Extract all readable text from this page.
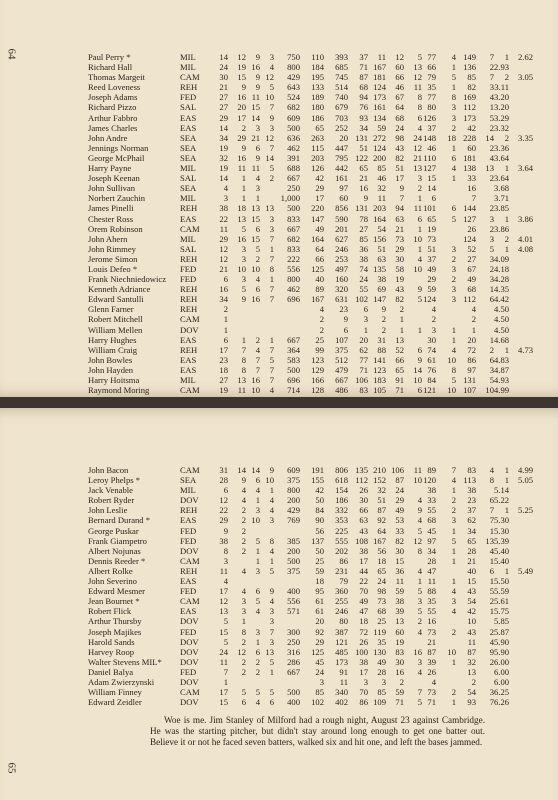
64	Paul Perry *	MIL	14	12	9	3	750	110	393	37	11	12	5	77	4	149	7	1	2.62
Richard Hall	MIL	24	19	16	4	800	184	685	71	167	60	13	66	1	136	2	2.93	
Thomas Margeit	CAM	30	15	9	12	429	195	745	87	181	66	12	79	5	85	7	2	3.05
Reed Loveness	REH	21	9	9	5	643	133	514	68	124	46	11	35	1	82	3	3.11	
Joseph Adams	FED	27	16	11	10	524	189	740	94	173	67	8	77	8	169	4	3.20	
Richard Pizzo	SAL	27	20	15	7	682	180	679	76	161	64	8	80	3	112	1	3.20	
Arthur Fabbro	EAS	29	17	14	9	609	186	703	93	134	68	6	126	3	173	5	3.29	
James Charles	EAS	14	2	3	3	500	65	252	34	59	24	4	37	2	42	2	3.32	
John Andre	SEA	34	29	21	12	636	263	20	131	272	98	24	148	18	228	14	2	3.35
Jennings Norman	SEA	19	9	6	7	462	115	447	51	124	43	12	46	1	60	2	3.36	
George McPhail	SEA	32	16	9	14	391	203	795	122	200	82	21	110	6	181	4	3.64	
Harry Payne	MIL	19	11	11	5	688	126	442	65	85	51	13	127	4	138	13	1	3.64
Joseph Keenan	SAL	14	1	4	2	667	42	161	21	46	17	3	15	1	33	2	3.64	
John Sullivan	SEA	4	1	3		250	29	97	16	32	9	2	14		16		3.68	
Norbert Zauchin	MIL	3	1	1		1,000	17	60	9	11	7	1	6		7		3.71	
James Pinelli	REH	38	18	13	13	500	220	856	131	203	94	11	101	6	144	2	3.85	
Chester Ross	EAS	22	13	15	3	833	147	590	78	164	63	6	65	5	127	3	1	3.86
Orem Robinson	CAM	11	5	6	3	667	49	201	27	54	21	1	19		26	2	3.86	
John Ahern	MIL	29	16	15	7	682	164	627	85	156	73	10	73		124	3	2	4.01
John Rimmey	SAL	12	3	5	1	833	64	246	36	51	29	1	51	3	52	5	1	4.08
Jerome Simon	REH	12	3	2	7	222	66	253	38	63	30	4	37	2	27	3	4.09	
Louis Defeo *	FED	21	10	10	8	556	125	497	74	135	58	10	49	3	67	2	4.18	
Frank Niechniedowicz	FED	6	3	4	1	800	40	160	24	38	19		29	2	49	3	4.28	
Kenneth Adriance	REH	16	5	6	7	462	89	320	55	69	43	9	59	3	68	1	4.35	
Edward Santulli	REH	34	9	16	7	696	167	631	102	147	82	5	124	3	112	6	4.42	
Glenn Farner	REH	2					4	23	6	9	2		4		4		4.50	
Robert Mitchell	CAM	1					2	9	3	2	1		2		2		4.50	
William Mellen	DOV	1					2	6	1	2	1	1	3	1	1		4.50	
Harry Hughes	EAS	6	1	2	1	667	25	107	20	31	13		30	1	20	1	4.68	
William Craig	REH	17	7	4	7	364	99	375	62	88	52	6	74	4	72	2	1	4.73
John Bowles	EAS	23	8	7	5	583	123	512	77	141	66	9	61	10	86	6	4.83	
John Hayden	EAS	18	8	7	7	500	129	479	71	123	65	14	76	8	97	3	4.87	
Harry Hoitsma	MIL	27	13	16	7	696	166	667	106	183	91	10	84	5	131	5	4.93	
Raymond Moring	CAM	19	11	10	4	714	128	486	83	105	71	6	121	10	107	10	4.99	
John Bacon	CAM	31	14	14	9	609	191	806	135	210	106	11	89	7	83	4	1	4.99
Leroy Phelps *	SEA	28	9	6	10	375	155	618	112	152	87	10	120	4	113	8	1	5.05
Jack Venable	MIL	6	4	4	1	800	42	154	26	32	24		38	1	38		5.14	
Robert Ryder	DOV	12	4	1	4	200	50	186	30	51	29	4	33	2	23	6	5.22	
John Leslie	REH	22	2	3	4	429	84	332	66	87	49	9	55	2	37	7	1	5.25
Bernard Durand *	EAS	29	2	10	3	769	90	353	63	92	53	4	68	3	62	7	5.30	
George Puskar	FED	9	2				56	225	43	64	33	5	45	1	34	1	5.30	
Frank Giampetro	FED	38	2	5	8	385	137	555	108	167	82	12	97	5	65	13	5.39	
Albert Nojunas	DOV	8	2	1	4	200	50	202	38	56	30	8	34	1	28	4	5.40	
Dennis Reeder *	CAM	3		1	1	500	25	86	17	18	15		28	1	21	1	5.40	
Albert Rolke	REH	11	4	3	5	375	59	231	44	65	36	4	47		40	6	1	5.49
John Severino	EAS	4					18	79	22	24	11	1	11	1	15	1	5.50	
Edward Mesmer	FED	17	4	6	9	400	95	360	70	98	59	5	88	4	43	5	5.59	
Jean Bournet *	CAM	12	3	5	4	556	61	255	49	73	38	3	35	3	54	2	5.61	
Robert Flick	EAS	13	3	4	3	571	61	246	47	68	39	5	55	4	42	1	5.75	
Arthur Thursby	DOV	5	1		3		20	80	18	25	13	2	16		10		5.85	
Joseph Majikes	FED	15	8	3	7	300	92	387	72	119	60	4	73	2	43	2	5.87	
Harold Sands	DOV	5	2	1	3	250	29	121	26	35	19		21		11	4	5.90	
Harvey Roop	DOV	24	12	6	13	316	125	485	100	130	83	16	87	10	87	9	5.90	
Walter Stevens MIL*	DOV	11	2	2	5	286	45	173	38	49	30	3	39	1	32	2	6.00	
Daniel Balya	FED	7	2	2	1	667	24	91	17	28	16	4	26		13		6.00	
Adam Zwierzynski	DOV	1					3	11	3	3	2		4		2		6.00	
William Finney	CAM	17	5	5	5	500	85	340	70	85	59	7	73	2	54	3	6.25	
Edward Zeidler	DOV	15	6	4	6	400	102	402	86	109	71	5	71	1	93	7	6.26	
Woe is me. Jim Stanley of Milford had a rough night, August 23 against Cambridge. He was the starting pitcher, but didn't stay around long enough to get one batter out. Believe it or not he faced seven batters, walked six and hit one, and left the bases jammed.
65
